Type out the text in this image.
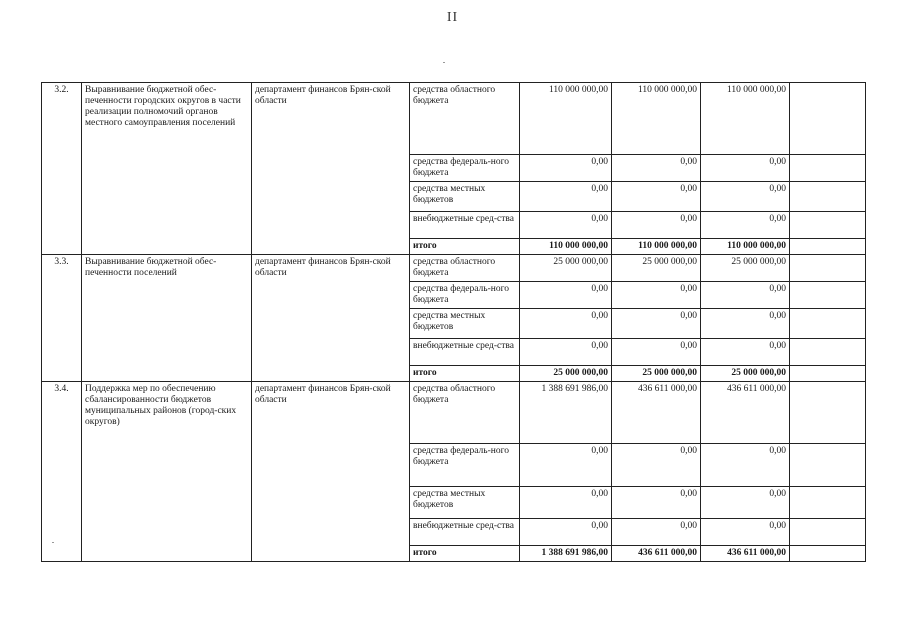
II
3.2.	Выравнивание бюджетной обес-печенности городских округов в части реализации полномочий органов местного самоуправления поселений	департамент финансов Брян-ской области	средства областного бюджета	110 000 000,00	110 000 000,00	110 000 000,00	
			средства федераль-ного бюджета	0,00	0,00	0,00	
			средства местных бюджетов	0,00	0,00	0,00	
			внебюджетные сред-ства	0,00	0,00	0,00	
			итого	110 000 000,00	110 000 000,00	110 000 000,00	
3.3.	Выравнивание бюджетной обес-печенности поселений	департамент финансов Брян-ской области	средства областного бюджета	25 000 000,00	25 000 000,00	25 000 000,00	
			средства федераль-ного бюджета	0,00	0,00	0,00	
			средства местных бюджетов	0,00	0,00	0,00	
			внебюджетные сред-ства	0,00	0,00	0,00	
			итого	25 000 000,00	25 000 000,00	25 000 000,00	
3.4.	Поддержка мер по обеспечению сбалансированности бюджетов муниципальных районов (город-ских округов)	департамент финансов Брян-ской области	средства областного бюджета	1 388 691 986,00	436 611 000,00	436 611 000,00	
			средства федераль-ного бюджета	0,00	0,00	0,00	
			средства местных бюджетов	0,00	0,00	0,00	
			внебюджетные сред-ства	0,00	0,00	0,00	
			итого	1 388 691 986,00	436 611 000,00	436 611 000,00	
